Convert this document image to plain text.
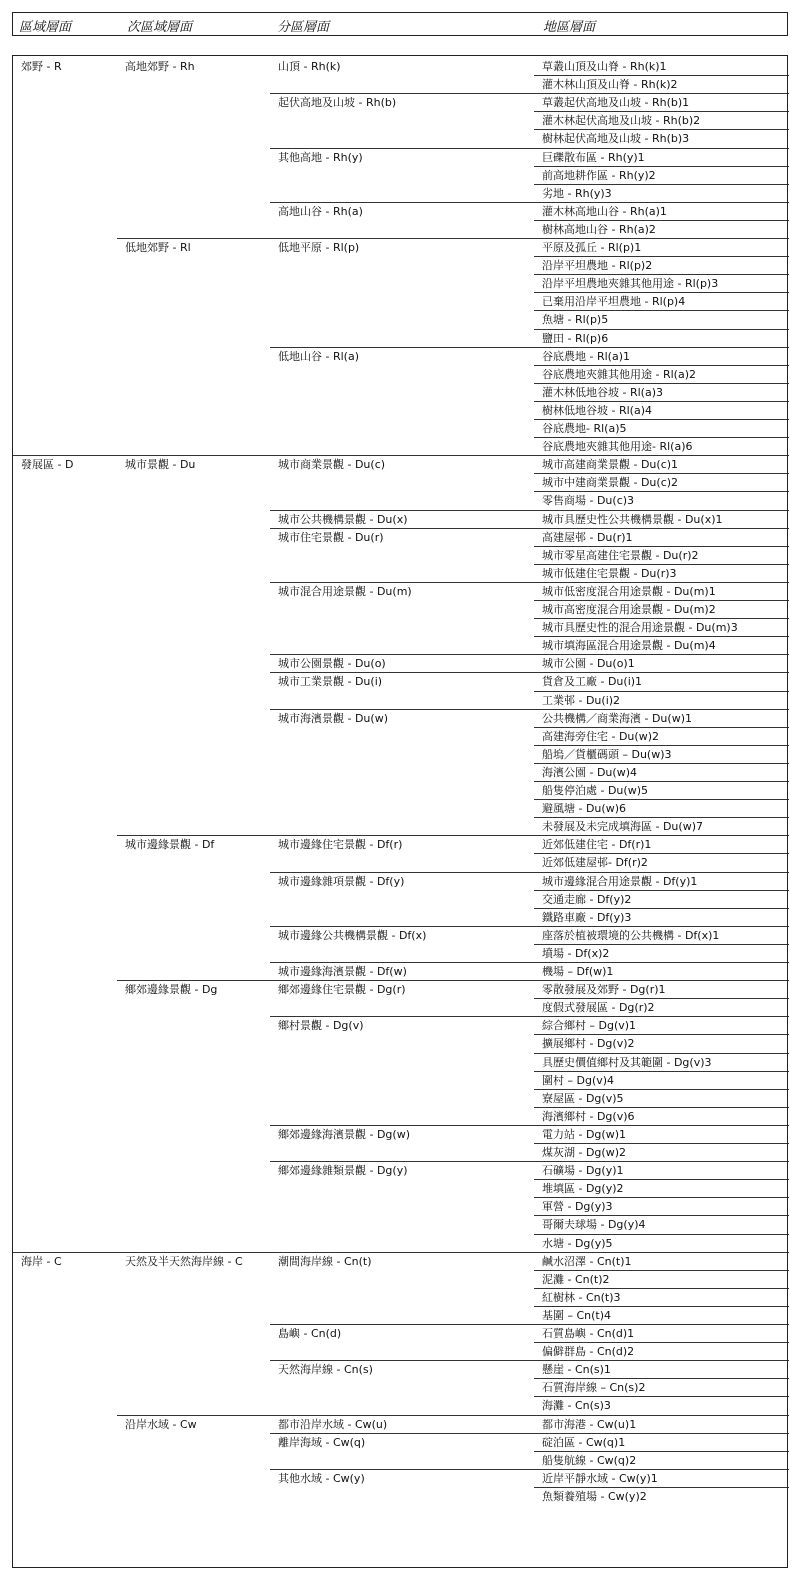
區域層面	次區域層面	分區層面	地區層面
郊野 - R	高地郊野 - Rh	山頂 - Rh(k)	草叢山頂及山脊 - Rh(k)1
灌木林山頂及山脊 - Rh(k)2
起伏高地及山坡 - Rh(b)	草叢起伏高地及山坡 - Rh(b)1
灌木林起伏高地及山坡 - Rh(b)2
樹林起伏高地及山坡 - Rh(b)3
其他高地 - Rh(y)	巨礫散布區 - Rh(y)1
前高地耕作區 - Rh(y)2
劣地 - Rh(y)3
高地山谷 - Rh(a)	灌木林高地山谷 - Rh(a)1
樹林高地山谷 - Rh(a)2
低地郊野 - Rl	低地平原 - Rl(p)	平原及孤丘 - Rl(p)1
沿岸平坦農地 - Rl(p)2
沿岸平坦農地夾雜其他用途 - Rl(p)3
已棄用沿岸平坦農地 - Rl(p)4
魚塘 - Rl(p)5
鹽田 - Rl(p)6
低地山谷 - Rl(a)	谷底農地 - Rl(a)1
谷底農地夾雜其他用途 - Rl(a)2
灌木林低地谷坡 - Rl(a)3
樹林低地谷坡 - Rl(a)4
谷底農地- Rl(a)5
谷底農地夾雜其他用途- Rl(a)6
發展區 - D	城市景觀 - Du	城市商業景觀 - Du(c)	城市高建商業景觀 - Du(c)1
城市中建商業景觀 - Du(c)2
零售商場 - Du(c)3
城市公共機構景觀 - Du(x)	城市具歷史性公共機構景觀 - Du(x)1
城市住宅景觀 - Du(r)	高建屋邨 - Du(r)1
城市零星高建住宅景觀 - Du(r)2
城市低建住宅景觀 - Du(r)3
城市混合用途景觀 - Du(m)	城市低密度混合用途景觀 - Du(m)1
城市高密度混合用途景觀 - Du(m)2
城市具歷史性的混合用途景觀 - Du(m)3
城市填海區混合用途景觀 - Du(m)4
城市公園景觀 - Du(o)	城市公園 - Du(o)1
城市工業景觀 - Du(i)	貨倉及工廠 - Du(i)1
工業邨 - Du(i)2
城市海濱景觀 - Du(w)	公共機構／商業海濱 - Du(w)1
高建海旁住宅 - Du(w)2
船塢／貨櫃碼頭 – Du(w)3
海濱公園 - Du(w)4
船隻停泊處 - Du(w)5
避風塘 - Du(w)6
未發展及未完成填海區 - Du(w)7
城市邊緣景觀 - Df	城市邊緣住宅景觀 - Df(r)	近郊低建住宅 - Df(r)1
近郊低建屋邨- Df(r)2
城市邊緣雜項景觀 - Df(y)	城市邊緣混合用途景觀 - Df(y)1
交通走廊 - Df(y)2
鐵路車廠 - Df(y)3
城市邊緣公共機構景觀 - Df(x)	座落於植被環境的公共機構 - Df(x)1
墳場 - Df(x)2
城市邊緣海濱景觀 - Df(w)	機場 – Df(w)1
鄉郊邊緣景觀 - Dg	鄉郊邊緣住宅景觀 - Dg(r)	零散發展及郊野 - Dg(r)1
度假式發展區 - Dg(r)2
鄉村景觀 - Dg(v)	綜合鄉村 – Dg(v)1
擴展鄉村 - Dg(v)2
具歷史價值鄉村及其範圍 - Dg(v)3
圍村 – Dg(v)4
寮屋區 - Dg(v)5
海濱鄉村 - Dg(v)6
鄉郊邊緣海濱景觀 - Dg(w)	電力站 - Dg(w)1
煤灰湖 - Dg(w)2
鄉郊邊緣雜類景觀 - Dg(y)	石礦場 - Dg(y)1
堆填區 - Dg(y)2
軍營 - Dg(y)3
哥爾夫球場 - Dg(y)4
水塘 - Dg(y)5
海岸 - C	天然及半天然海岸線 - C	潮間海岸線 - Cn(t)	鹹水沼澤 - Cn(t)1
泥灘 - Cn(t)2
紅樹林 - Cn(t)3
基圍 – Cn(t)4
島嶼 - Cn(d)	石質島嶼 - Cn(d)1
偏僻群島 - Cn(d)2
天然海岸線 - Cn(s)	懸崖 - Cn(s)1
石質海岸線 – Cn(s)2
海灘 - Cn(s)3
沿岸水域 - Cw	都市沿岸水域 - Cw(u)	都市海港 - Cw(u)1
離岸海域 - Cw(q)	碇泊區 - Cw(q)1
船隻航線 - Cw(q)2
其他水域 - Cw(y)	近岸平靜水域 - Cw(y)1
魚類養殖場 - Cw(y)2
